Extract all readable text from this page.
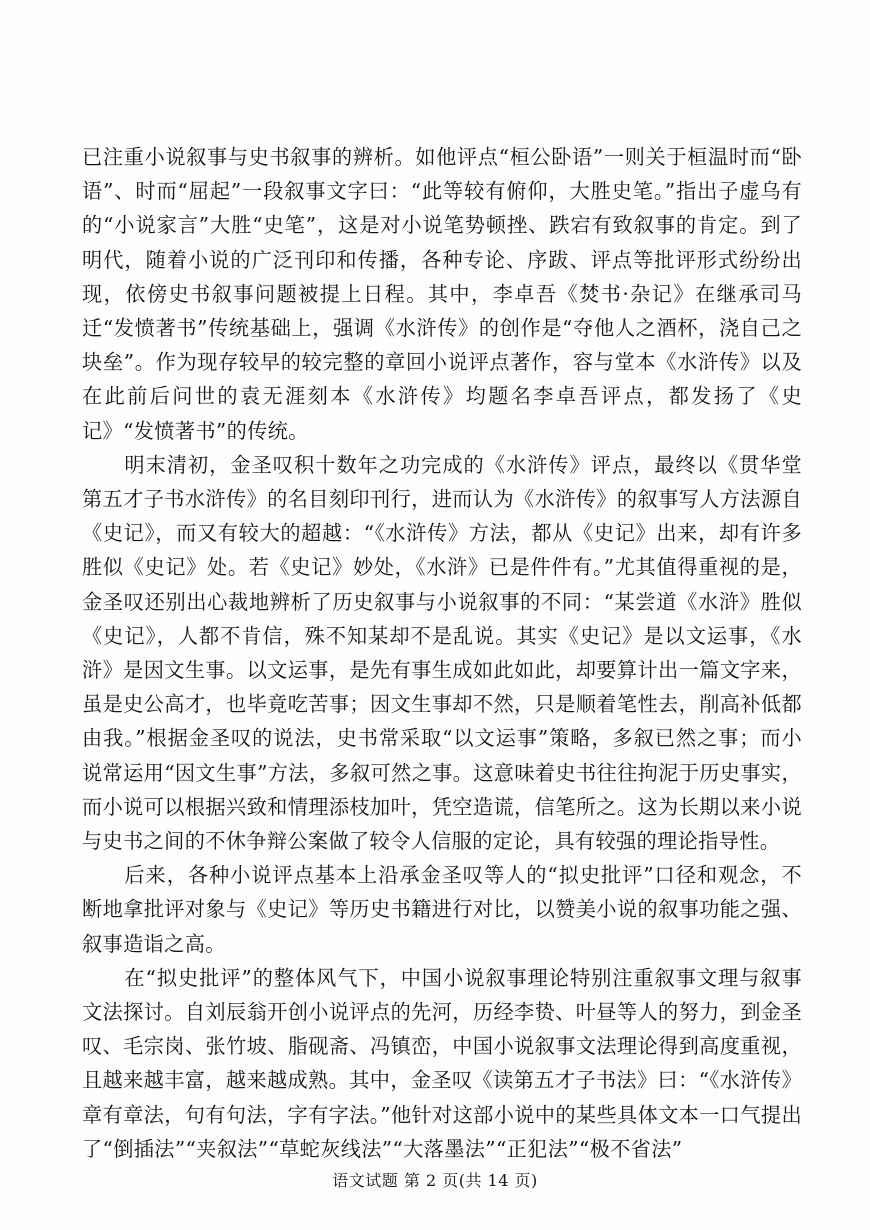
已注重小说叙事与史书叙事的辨析。如他评点“桓公卧语”一则关于桓温时而“卧语”、时而“屈起”一段叙事文字曰：“此等较有俯仰，大胜史笔。”指出子虚乌有的“小说家言”大胜“史笔”，这是对小说笔势顿挫、跌宕有致叙事的肯定。到了明代，随着小说的广泛刊印和传播，各种专论、序跋、评点等批评形式纷纷出现，依傍史书叙事问题被提上日程。其中，李卓吾《焚书·杂记》在继承司马迁“发愤著书”传统基础上，强调《水浒传》的创作是“夺他人之酒杯，浇自己之块垒”。作为现存较早的较完整的章回小说评点著作，容与堂本《水浒传》以及在此前后问世的袁无涯刻本《水浒传》均题名李卓吾评点，都发扬了《史记》“发愤著书”的传统。

明末清初，金圣叹积十数年之功完成的《水浒传》评点，最终以《贯华堂第五才子书水浒传》的名目刻印刊行，进而认为《水浒传》的叙事写人方法源自《史记》，而又有较大的超越：“《水浒传》方法，都从《史记》出来，却有许多胜似《史记》处。若《史记》妙处，《水浒》已是件件有。”尤其值得重视的是，金圣叹还别出心裁地辨析了历史叙事与小说叙事的不同：“某尝道《水浒》胜似《史记》，人都不肯信，殊不知某却不是乱说。其实《史记》是以文运事，《水浒》是因文生事。以文运事，是先有事生成如此如此，却要算计出一篇文字来，虽是史公高才，也毕竟吃苦事；因文生事却不然，只是顺着笔性去，削高补低都由我。”根据金圣叹的说法，史书常采取“以文运事”策略，多叙已然之事；而小说常运用“因文生事”方法，多叙可然之事。这意味着史书往往拘泥于历史事实，而小说可以根据兴致和情理添枝加叶，凭空造谎，信笔所之。这为长期以来小说与史书之间的不休争辩公案做了较令人信服的定论，具有较强的理论指导性。

后来，各种小说评点基本上沿承金圣叹等人的“拟史批评”口径和观念，不断地拿批评对象与《史记》等历史书籍进行对比，以赞美小说的叙事功能之强、叙事造诣之高。

在“拟史批评”的整体风气下，中国小说叙事理论特别注重叙事文理与叙事文法探讨。自刘辰翁开创小说评点的先河，历经李贽、叶昼等人的努力，到金圣叹、毛宗岗、张竹坡、脂砚斋、冯镇峦，中国小说叙事文法理论得到高度重视，且越来越丰富，越来越成熟。其中，金圣叹《读第五才子书法》曰：“《水浒传》章有章法，句有句法，字有字法。”他针对这部小说中的某些具体文本一口气提出了“倒插法”“夹叙法”“草蛇灰线法”“大落墨法”“正犯法”“极不省法”

语文试题 第 2 页(共 14 页)
